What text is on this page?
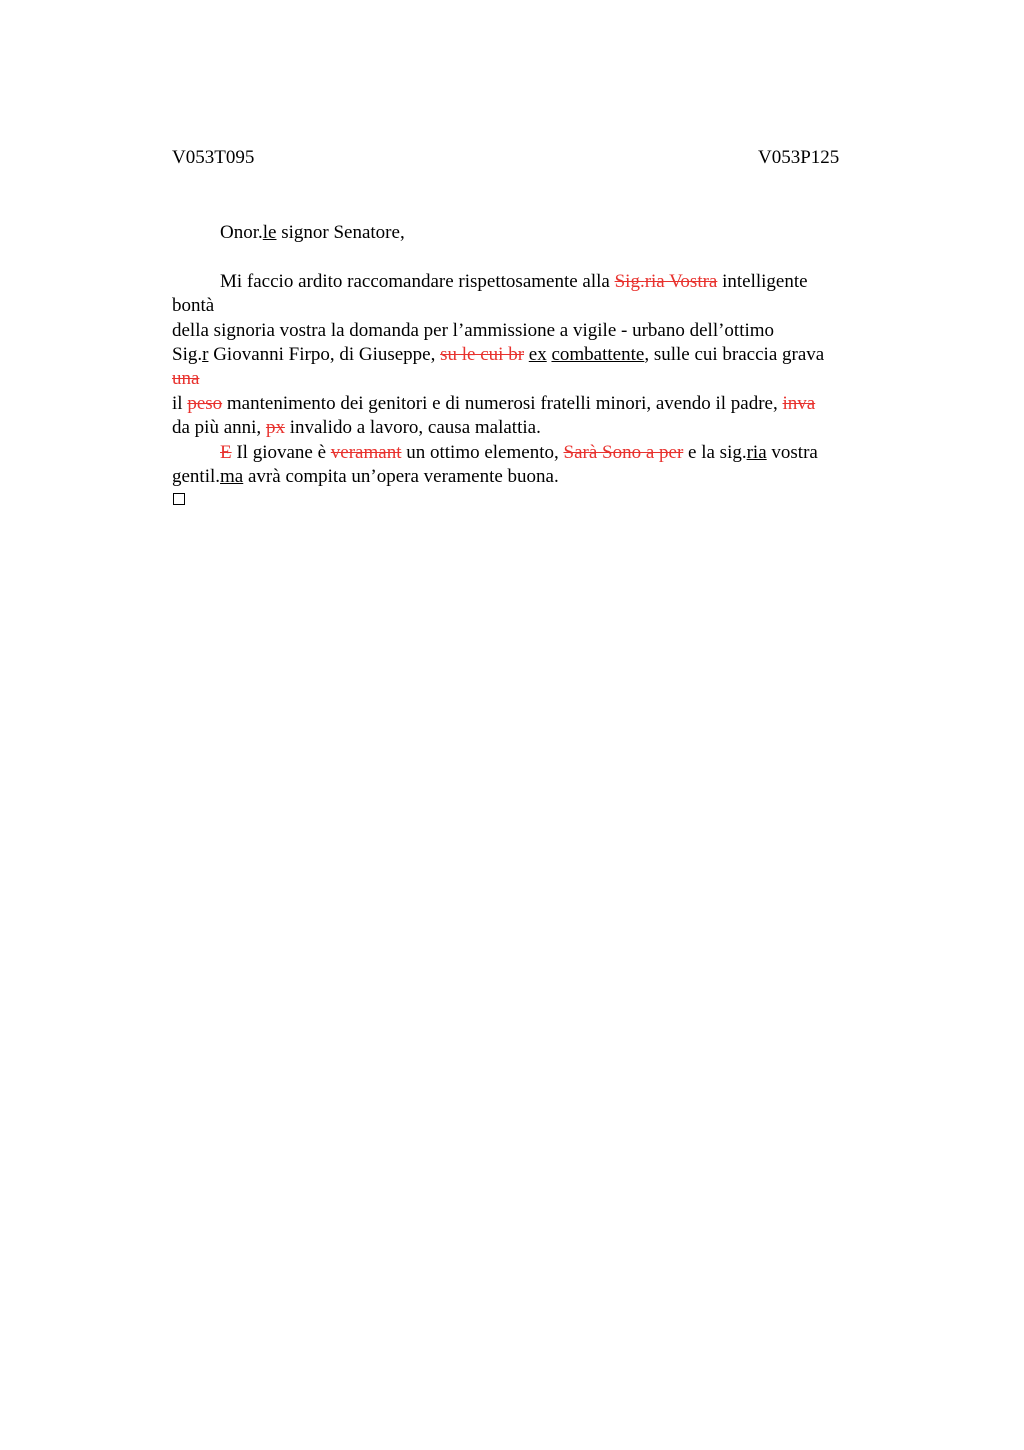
V053T095	V053P125
Onor.le signor Senatore,
Mi faccio ardito raccomandare rispettosamente alla Sig.ria Vostra intelligente
bontà
della signoria vostra la domanda per l’ammissione a vigile - urbano dell’ottimo
Sig.r Giovanni Firpo, di Giuseppe, su le cui br ex combattente, sulle cui braccia grava
una
il peso mantenimento dei genitori e di numerosi fratelli minori, avendo il padre, inva
da più anni, px invalido a lavoro, causa malattia.
E Il giovane è veramant un ottimo elemento, Sarà Sono a per e la sig.ria vostra
gentil.ma avrà compita un’opera veramente buona.
